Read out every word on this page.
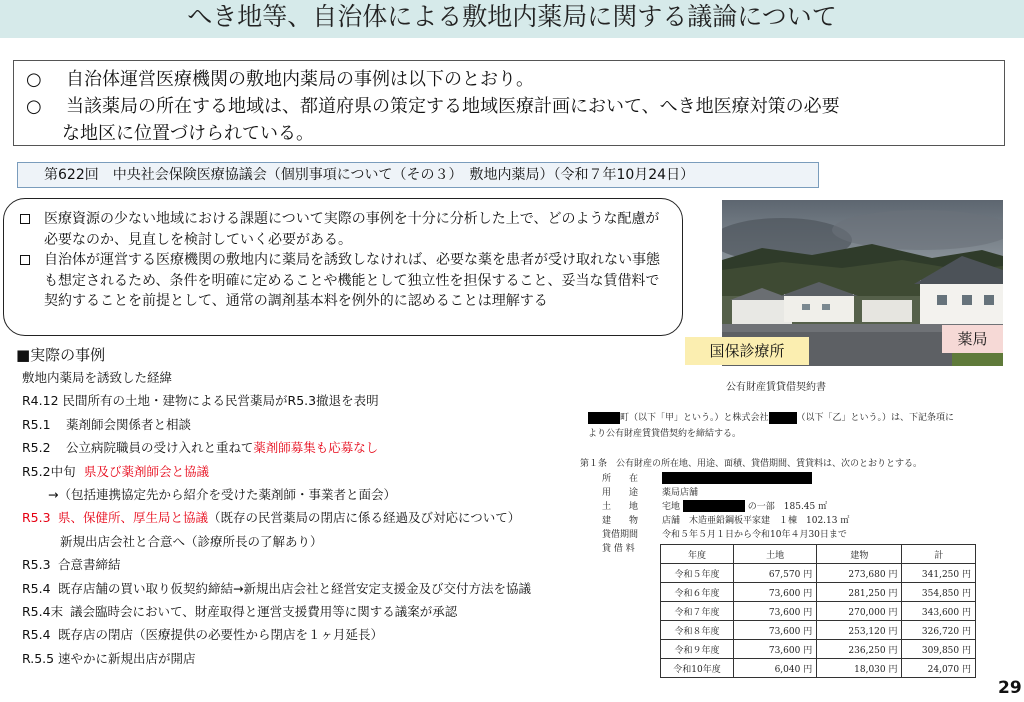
へき地等、自治体による敷地内薬局に関する議論について
○	自治体運営医療機関の敷地内薬局の事例は以下のとおり。
○	当該薬局の所在する地域は、都道府県の策定する地域医療計画において、へき地医療対策の必要
な地区に位置づけられている。
第622回　中央社会保険医療協議会（個別事項について（その３）　敷地内薬局）（令和７年10月24日）
医療資源の少ない地域における課題について実際の事例を十分に分析した上で、どのような配慮が必要なのか、見直しを検討していく必要がある。
自治体が運営する医療機関の敷地内に薬局を誘致しなければ、必要な薬を患者が受け取れない事態も想定されるため、条件を明確に定めることや機能として独立性を担保すること、妥当な賃借料で契約することを前提として、通常の調剤基本料を例外的に認めることは理解する
■実際の事例
敷地内薬局を誘致した経緯
R4.12 民間所有の土地・建物による民営薬局がR5.3撤退を表明
R5.1 薬剤師会関係者と相談
R5.2 公立病院職員の受け入れと重ねて薬剤師募集も応募なし
R5.2中旬 県及び薬剤師会と協議
→（包括連携協定先から紹介を受けた薬剤師・事業者と面会）
R5.3 県、保健所、厚生局と協議（既存の民営薬局の閉店に係る経過及び対応について）
新規出店会社と合意へ（診療所長の了解あり）
R5.3 合意書締結
R5.4 既存店舗の買い取り仮契約締結→新規出店会社と経営安定支援金及び交付方法を協議
R5.4末 議会臨時会において、財産取得と運営支援費用等に関する議案が承認
R5.4 既存店の閉店（医療提供の必要性から閉店を１ヶ月延長）
R.5.5 速やかに新規出店が開店
国保診療所
薬局
公有財産賃貸借契約書
町（以下「甲」という。）と株式会社	（以下「乙」という。）は、下記条項に
より公有財産賃貸借契約を締結する。
第１条　公有財産の所在地、用途、面積、貸借期間、賃貸料は、次のとおりとする。
所　　在
用　　途	薬局店舗
土　　地	宅地

	の一部　185.45 ㎡
建　　物	店舗　木造亜鉛鋼板平家建　１棟　102.13 ㎡
貸借期間	令和５年５月１日から令和10年４月30日まで
貸 借 料
年度	土地	建物	計
令和５年度	67,570 円	273,680 円	341,250 円
令和６年度	73,600 円	281,250 円	354,850 円
令和７年度	73,600 円	270,000 円	343,600 円
令和８年度	73,600 円	253,120 円	326,720 円
令和９年度	73,600 円	236,250 円	309,850 円
令和10年度	6,040 円	18,030 円	24,070 円
29
